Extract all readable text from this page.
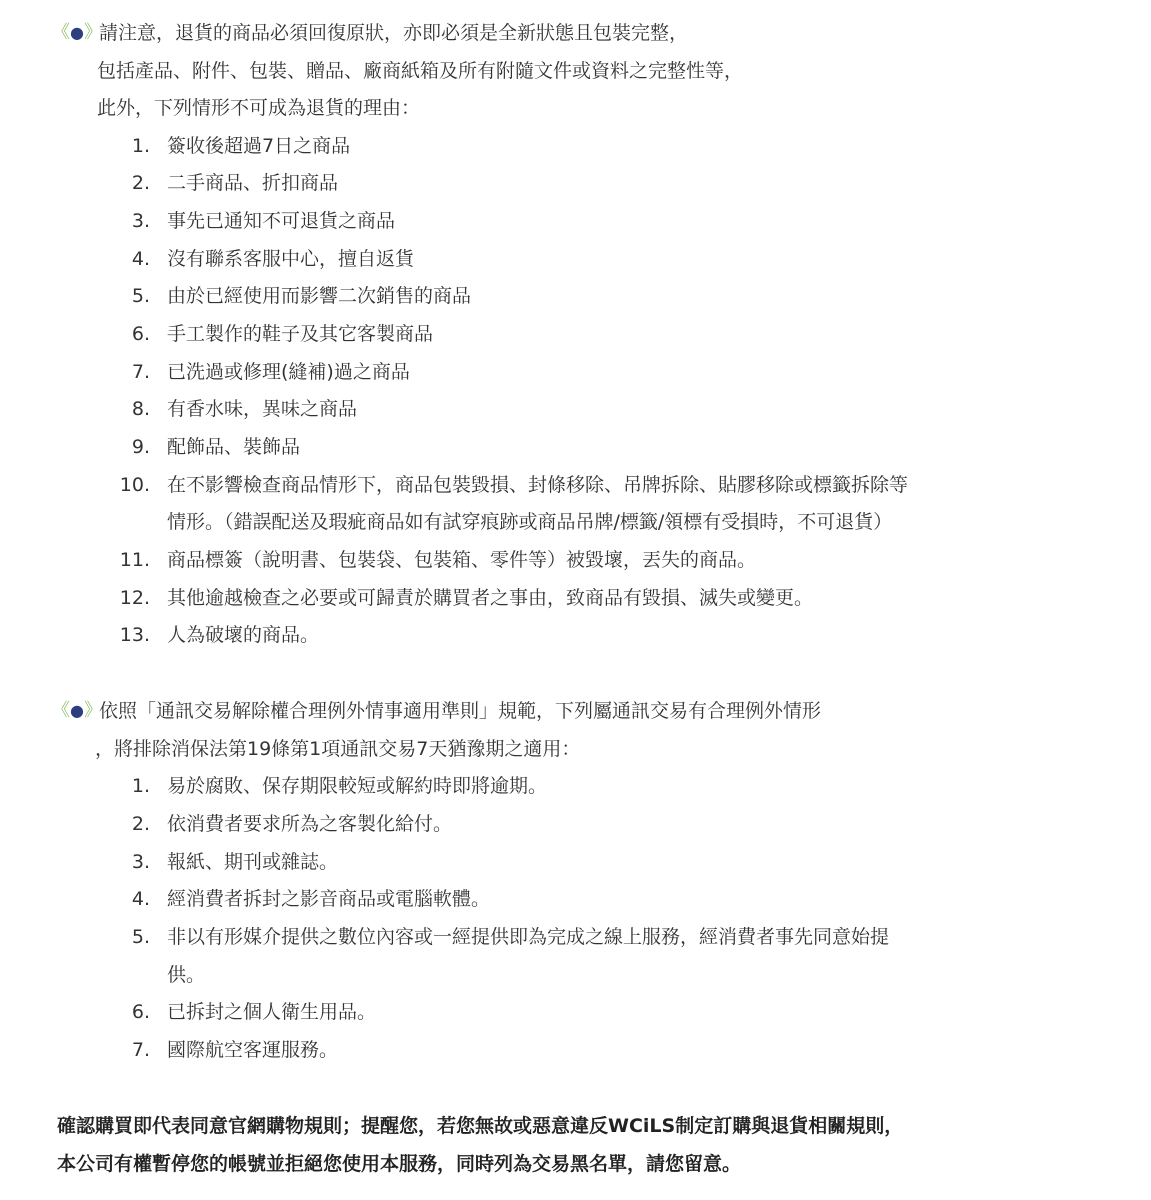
《●》
請注意，退貨的商品必須回復原狀，亦即必須是全新狀態且包裝完整，
包括產品、附件、包裝、贈品、廠商紙箱及所有附隨文件或資料之完整性等，
此外，下列情形不可成為退貨的理由：
1. 簽收後超過7日之商品
2. 二手商品、折扣商品
3. 事先已通知不可退貨之商品
4. 沒有聯系客服中心，擅自返貨
5. 由於已經使用而影響二次銷售的商品
6. 手工製作的鞋子及其它客製商品
7. 已洗過或修理(縫補)過之商品
8. 有香水味，異味之商品
9. 配飾品、裝飾品
10. 在不影響檢查商品情形下，商品包裝毀損、封條移除、吊牌拆除、貼膠移除或標籤拆除等
情形。（錯誤配送及瑕疵商品如有試穿痕跡或商品吊牌/標籤/領標有受損時，不可退貨）
11. 商品標簽（說明書、包裝袋、包裝箱、零件等）被毀壞，丟失的商品。
12. 其他逾越檢查之必要或可歸責於購買者之事由，致商品有毀損、滅失或變更。
13. 人為破壞的商品。
《●》
依照「通訊交易解除權合理例外情事適用準則」規範，下列屬通訊交易有合理例外情形
，將排除消保法第19條第1項通訊交易7天猶豫期之適用：
1. 易於腐敗、保存期限較短或解約時即將逾期。
2. 依消費者要求所為之客製化給付。
3. 報紙、期刊或雜誌。
4. 經消費者拆封之影音商品或電腦軟體。
5. 非以有形媒介提供之數位內容或一經提供即為完成之線上服務，經消費者事先同意始提
供。
6. 已拆封之個人衛生用品。
7. 國際航空客運服務。
確認購買即代表同意官網購物規則；提醒您，若您無故或惡意違反WCiLS制定訂購與退貨相關規則，
本公司有權暫停您的帳號並拒絕您使用本服務，同時列為交易黑名單，請您留意。
